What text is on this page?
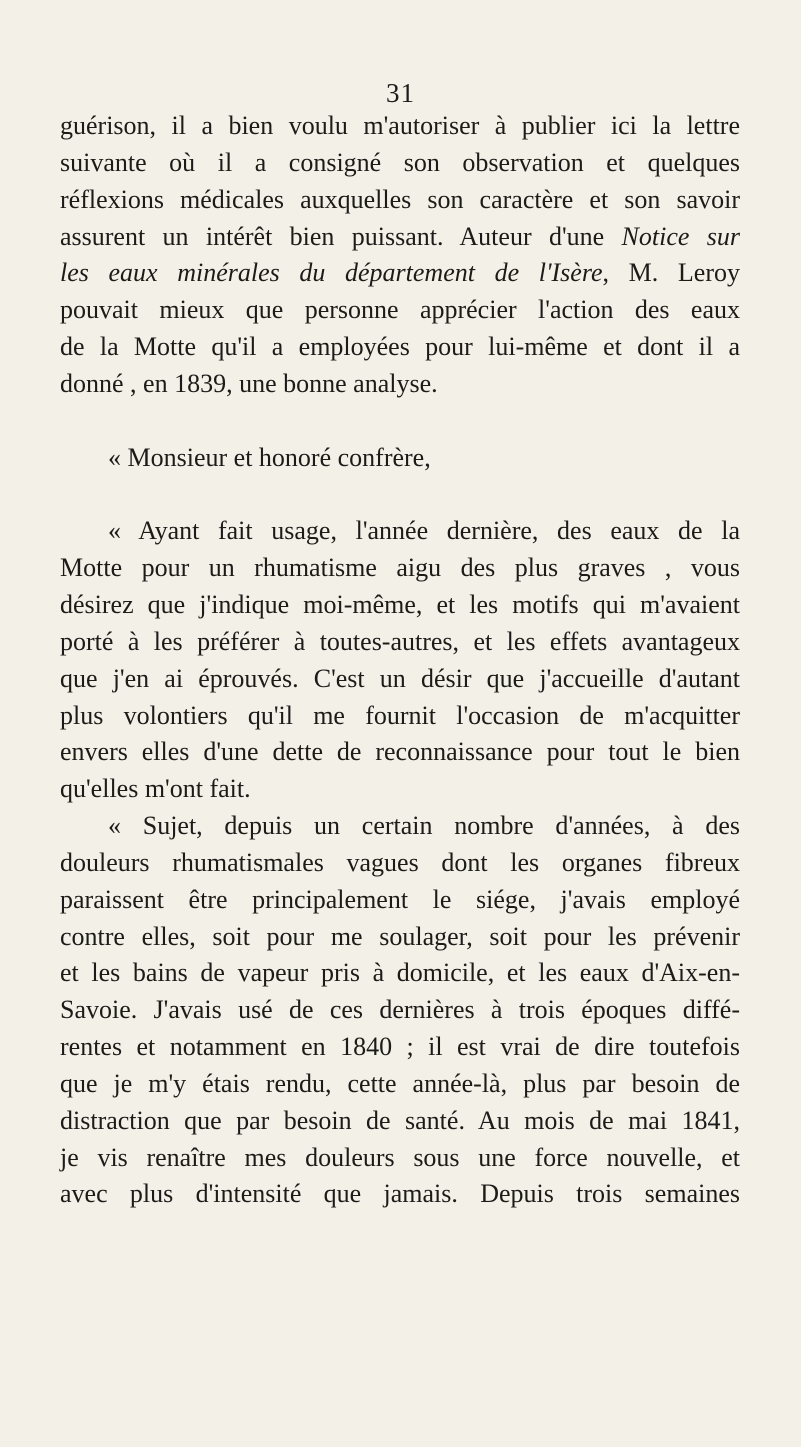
31
guérison, il a bien voulu m'autoriser à publier ici la lettre
suivante où il a consigné son observation et quelques
réflexions médicales auxquelles son caractère et son savoir
assurent un intérêt bien puissant. Auteur d'une Notice sur
les eaux minérales du département de l'Isère, M. Leroy
pouvait mieux que personne apprécier l'action des eaux
de la Motte qu'il a employées pour lui-même et dont il a
donné , en 1839, une bonne analyse.
« Monsieur et honoré confrère,
« Ayant fait usage, l'année dernière, des eaux de la
Motte pour un rhumatisme aigu des plus graves , vous
désirez que j'indique moi-même, et les motifs qui m'avaient
porté à les préférer à toutes-autres, et les effets avantageux
que j'en ai éprouvés. C'est un désir que j'accueille d'autant
plus volontiers qu'il me fournit l'occasion de m'acquitter
envers elles d'une dette de reconnaissance pour tout le bien
qu'elles m'ont fait.
« Sujet, depuis un certain nombre d'années, à des
douleurs rhumatismales vagues dont les organes fibreux
paraissent être principalement le siége, j'avais employé
contre elles, soit pour me soulager, soit pour les prévenir
et les bains de vapeur pris à domicile, et les eaux d'Aix-en-
Savoie. J'avais usé de ces dernières à trois époques diffé-
rentes et notamment en 1840 ; il est vrai de dire toutefois
que je m'y étais rendu, cette année-là, plus par besoin de
distraction que par besoin de santé. Au mois de mai 1841,
je vis renaître mes douleurs sous une force nouvelle, et
avec plus d'intensité que jamais. Depuis trois semaines
